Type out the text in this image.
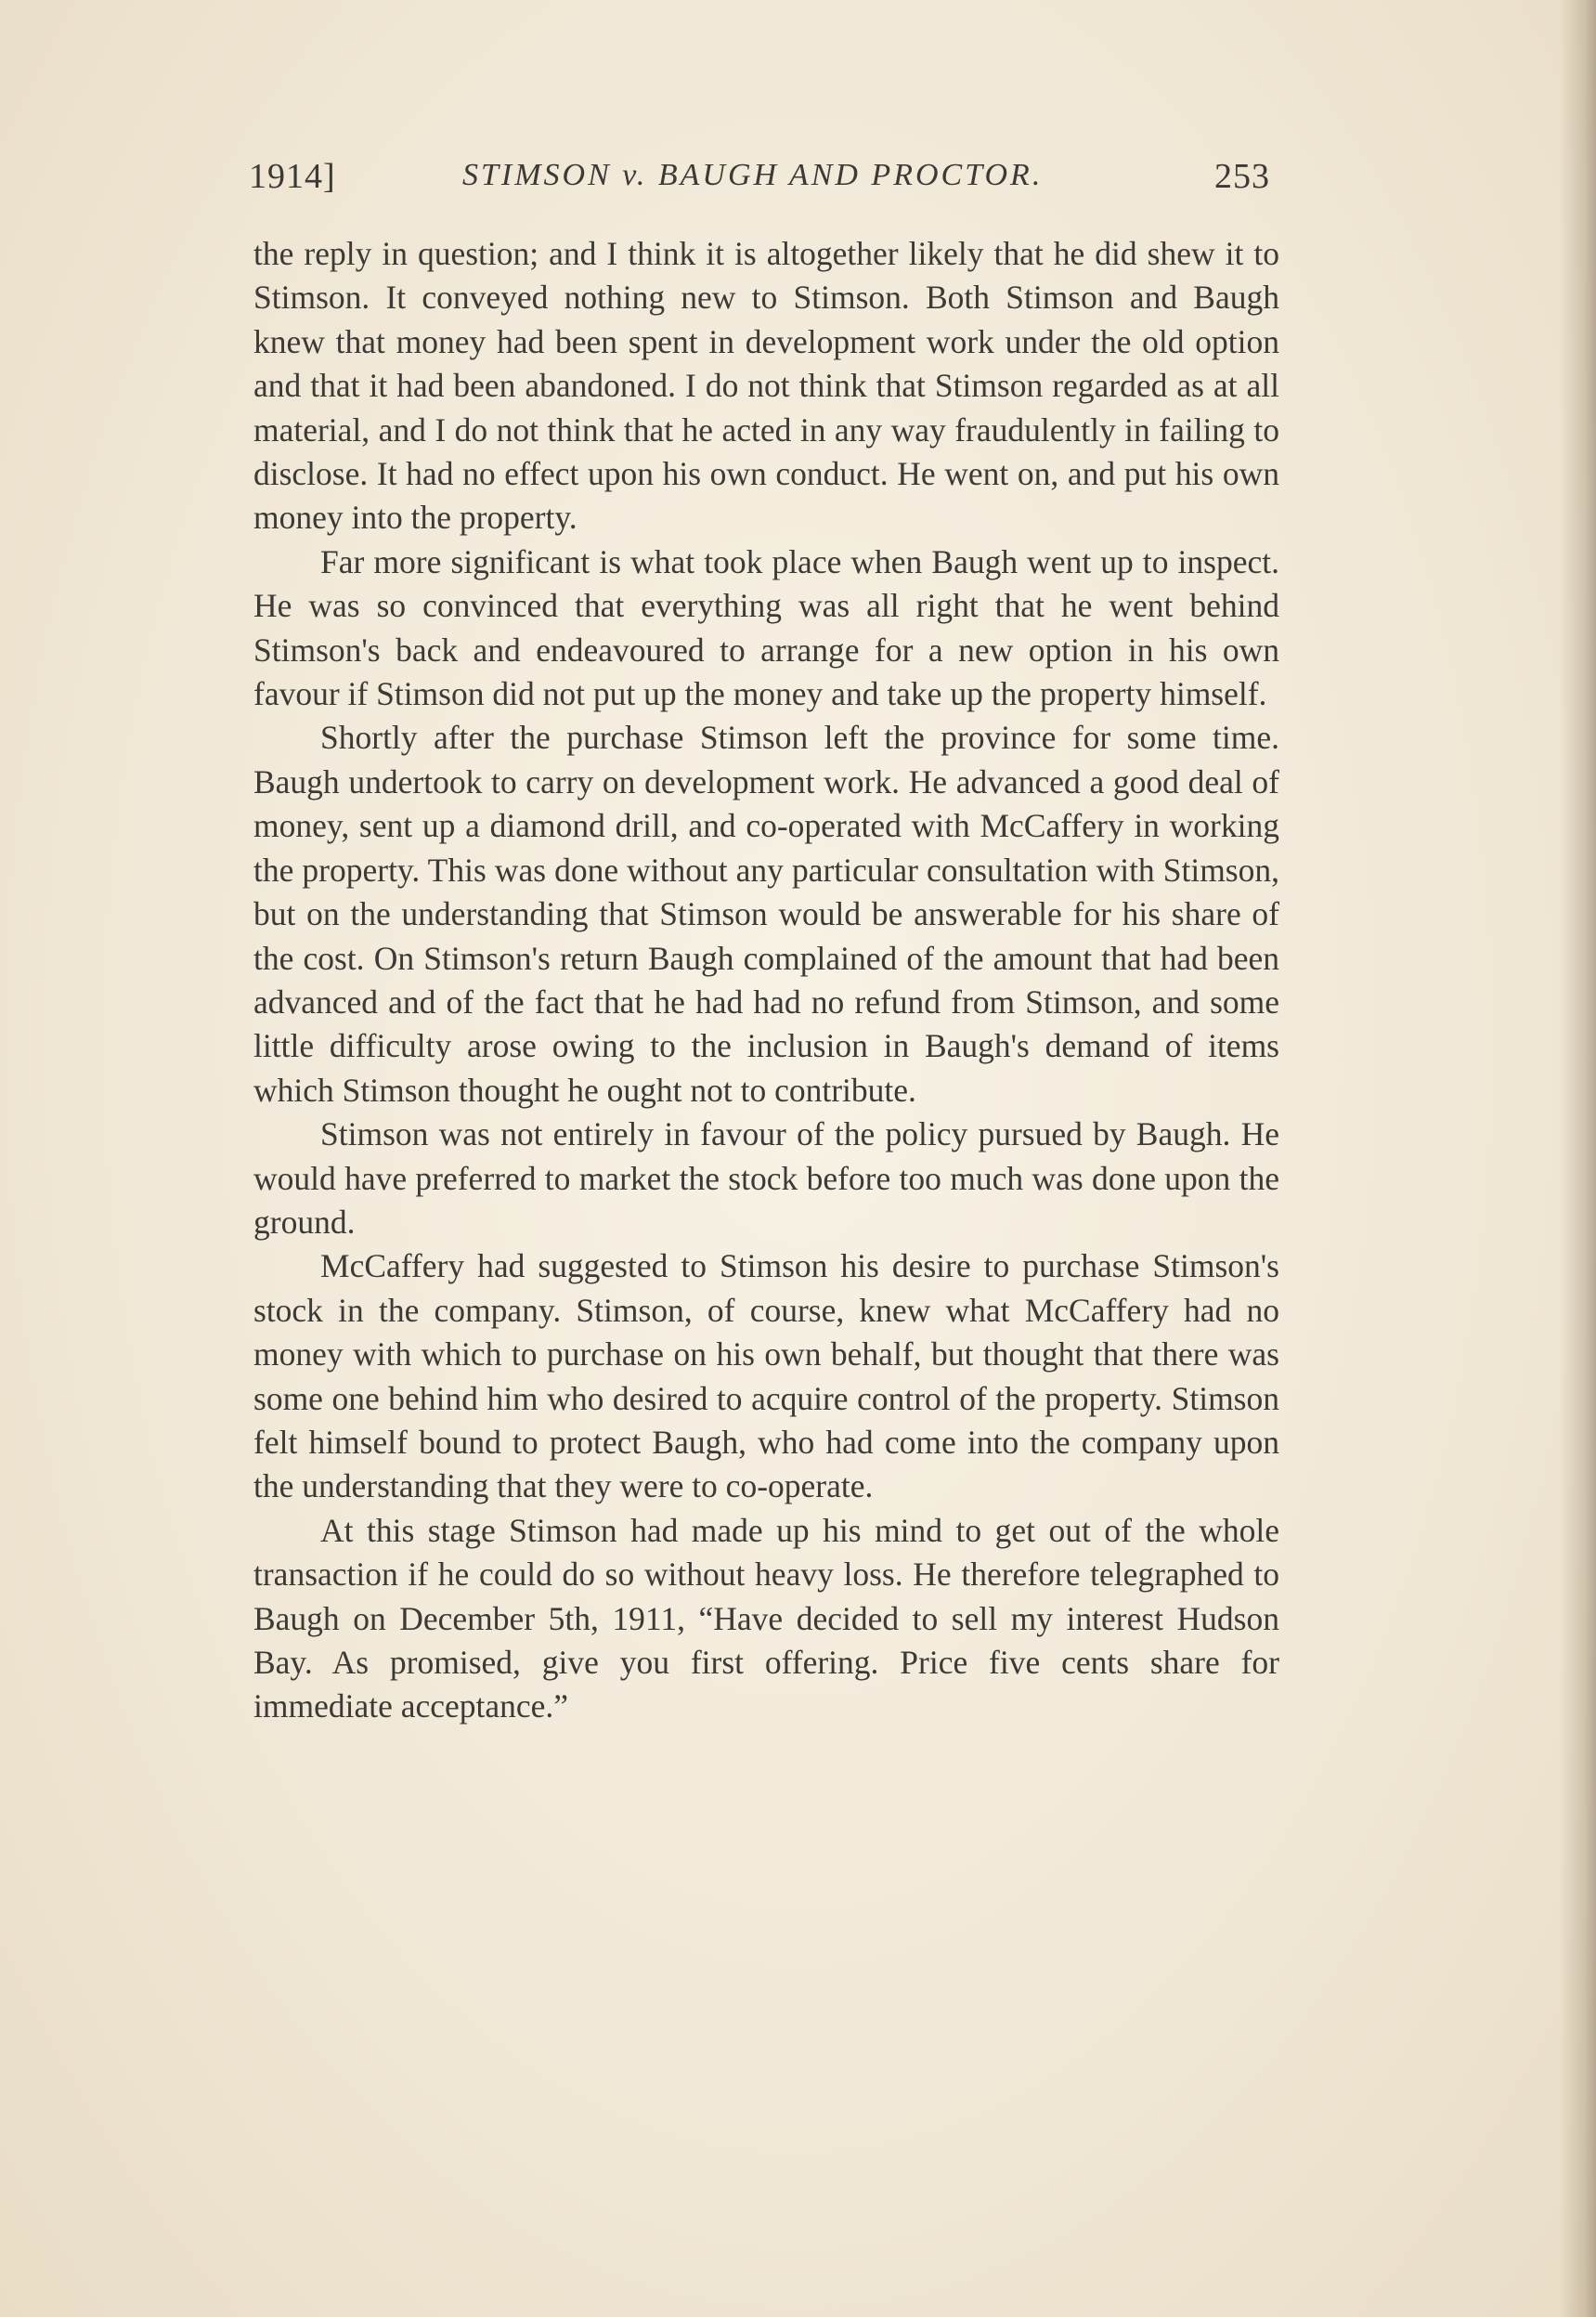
1914]	STIMSON v. BAUGH AND PROCTOR.	253

the reply in question; and I think it is altogether likely that he did shew it to Stimson. It conveyed nothing new to Stimson. Both Stimson and Baugh knew that money had been spent in development work under the old option and that it had been abandoned. I do not think that Stimson regarded as at all material, and I do not think that he acted in any way fraudulently in failing to disclose. It had no effect upon his own conduct. He went on, and put his own money into the property.

Far more significant is what took place when Baugh went up to inspect. He was so convinced that everything was all right that he went behind Stimson's back and endeavoured to arrange for a new option in his own favour if Stimson did not put up the money and take up the property himself.

Shortly after the purchase Stimson left the province for some time. Baugh undertook to carry on development work. He advanced a good deal of money, sent up a diamond drill, and co-operated with McCaffery in working the property. This was done without any particular consultation with Stimson, but on the understanding that Stimson would be answerable for his share of the cost. On Stimson's return Baugh complained of the amount that had been advanced and of the fact that he had had no refund from Stimson, and some little difficulty arose owing to the inclusion in Baugh's demand of items which Stimson thought he ought not to contribute.

Stimson was not entirely in favour of the policy pursued by Baugh. He would have preferred to market the stock before too much was done upon the ground.

McCaffery had suggested to Stimson his desire to purchase Stimson's stock in the company. Stimson, of course, knew what McCaffery had no money with which to purchase on his own behalf, but thought that there was some one behind him who desired to acquire control of the property. Stimson felt himself bound to protect Baugh, who had come into the company upon the understanding that they were to co-operate.

At this stage Stimson had made up his mind to get out of the whole transaction if he could do so without heavy loss. He therefore telegraphed to Baugh on December 5th, 1911, “Have decided to sell my interest Hudson Bay. As promised, give you first offering. Price five cents share for immediate acceptance.”
